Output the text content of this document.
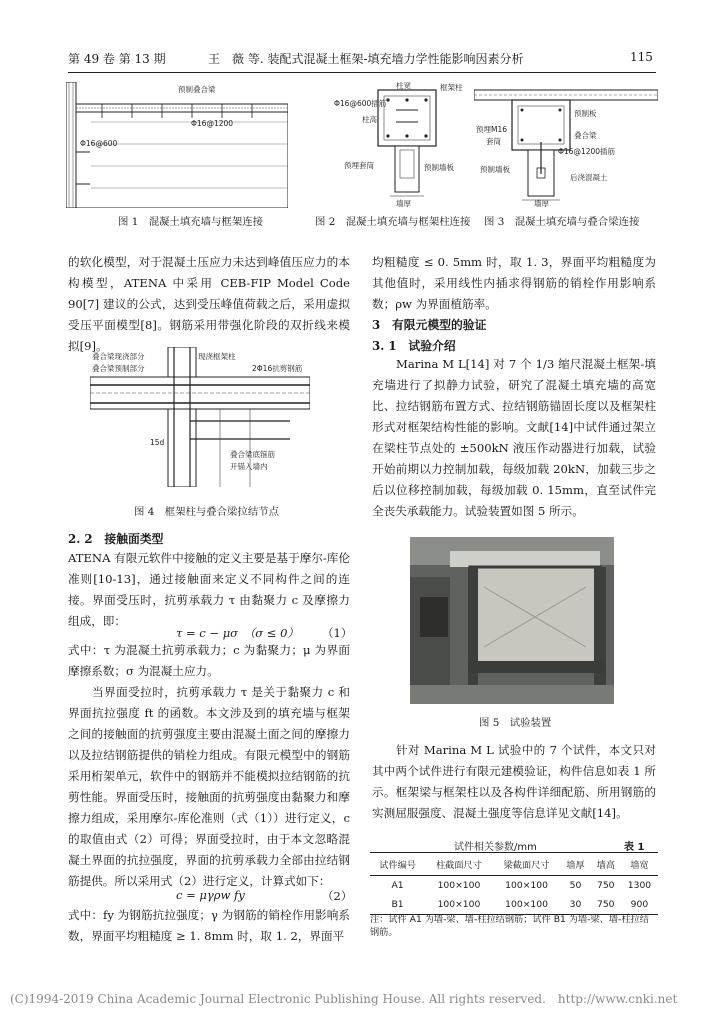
第 49 卷 第 13 期	王　薇 等. 装配式混凝土框架-填充墙力学性能影响因素分析	115
预制叠合梁
Φ16@1200
Φ16@600
柱宽	框架柱
Φ16@600插筋
柱高
预埋套筒	预制墙板
墙厚
预制板
叠合梁
预埋M16
套筒
Φ16@1200插筋
预制墙板
后浇混凝土
墙厚
图 1　混凝土填充墙与框架连接	图 2　混凝土填充墙与框架柱连接 图 3　混凝土填充墙与叠合梁连接

的软化模型，对于混凝土压应力未达到峰值压应力的本构模型，ATENA 中采用 CEB-FIP Model Code 90[7] 建议的公式，达到受压峰值荷载之后，采用虚拟受压平面模型[8]。钢筋采用带强化阶段的双折线来模拟[9]。

叠合梁现浇部分
叠合梁预制部分
现浇框架柱
2Φ16抗剪钢筋
叠合梁底箍筋
开锚入墙内
15d
图 4　框架柱与叠合梁拉结节点
2. 2　接触面类型

ATENA 有限元软件中接触的定义主要是基于摩尔-库伦准则[10-13]，通过接触面来定义不同构件之间的连接。界面受压时，抗剪承载力 τ 由黏聚力 c 及摩擦力组成，即：

τ = c − μσ　（σ ≤ 0） （1）

式中：τ 为混凝土抗剪承载力；c 为黏聚力；μ 为界面摩擦系数；σ 为混凝土应力。

当界面受拉时，抗剪承载力 τ 是关于黏聚力 c 和界面抗拉强度 ft 的函数。本文涉及到的填充墙与框架之间的接触面的抗剪强度主要由混凝土面之间的摩擦力以及拉结钢筋提供的销栓力组成。有限元模型中的钢筋采用桁架单元，软件中的钢筋并不能模拟拉结钢筋的抗剪性能。界面受压时，接触面的抗剪强度由黏聚力和摩擦力组成，采用摩尔-库伦准则（式（1））进行定义，c 的取值由式（2）可得；界面受拉时，由于本文忽略混凝土界面的抗拉强度，界面的抗剪承载力全部由拉结钢筋提供。所以采用式（2）进行定义，计算式如下：

c = μγρw fy	（2）

式中：fy 为钢筋抗拉强度；γ 为钢筋的销栓作用影响系数，界面平均粗糙度 ≥ 1. 8mm 时，取 1. 2，界面平

均粗糙度 ≤ 0. 5mm 时，取 1. 3，界面平均粗糙度为其他值时，采用线性内插求得钢筋的销栓作用影响系数；ρw 为界面植筋率。

3　有限元模型的验证
3. 1　试验介绍

Marina M L[14] 对 7 个 1/3 缩尺混凝土框架-填充墙进行了拟静力试验，研究了混凝土填充墙的高宽比、拉结钢筋布置方式、拉结钢筋锚固长度以及框架柱形式对框架结构性能的影响。文献[14]中试件通过架立在梁柱节点处的 ±500kN 液压作动器进行加载，试验开始前期以力控制加载，每级加载 20kN，加载三步之后以位移控制加载，每级加载 0. 15mm，直至试件完全丧失承载能力。试验装置如图 5 所示。

图 5　试验装置

针对 Marina M L 试验中的 7 个试件，本文只对其中两个试件进行有限元建模验证，构件信息如表 1 所示。框架梁与框架柱以及各构件详细配筋、所用钢筋的实测屈服强度、混凝土强度等信息详见文献[14]。

试件相关参数/mm	表 1
试件编号	柱截面尺寸	梁截面尺寸	墙厚	墙高	墙宽
A1	100×100	100×100	50	750	1300
B1	100×100	100×100	30	750	900
注：试件 A1 为墙-梁、墙-柱拉结钢筋；试件 B1 为墙-梁、墙-柱拉结钢筋。
(C)1994-2019 China Academic Journal Electronic Publishing House. All rights reserved.　http://www.cnki.net
